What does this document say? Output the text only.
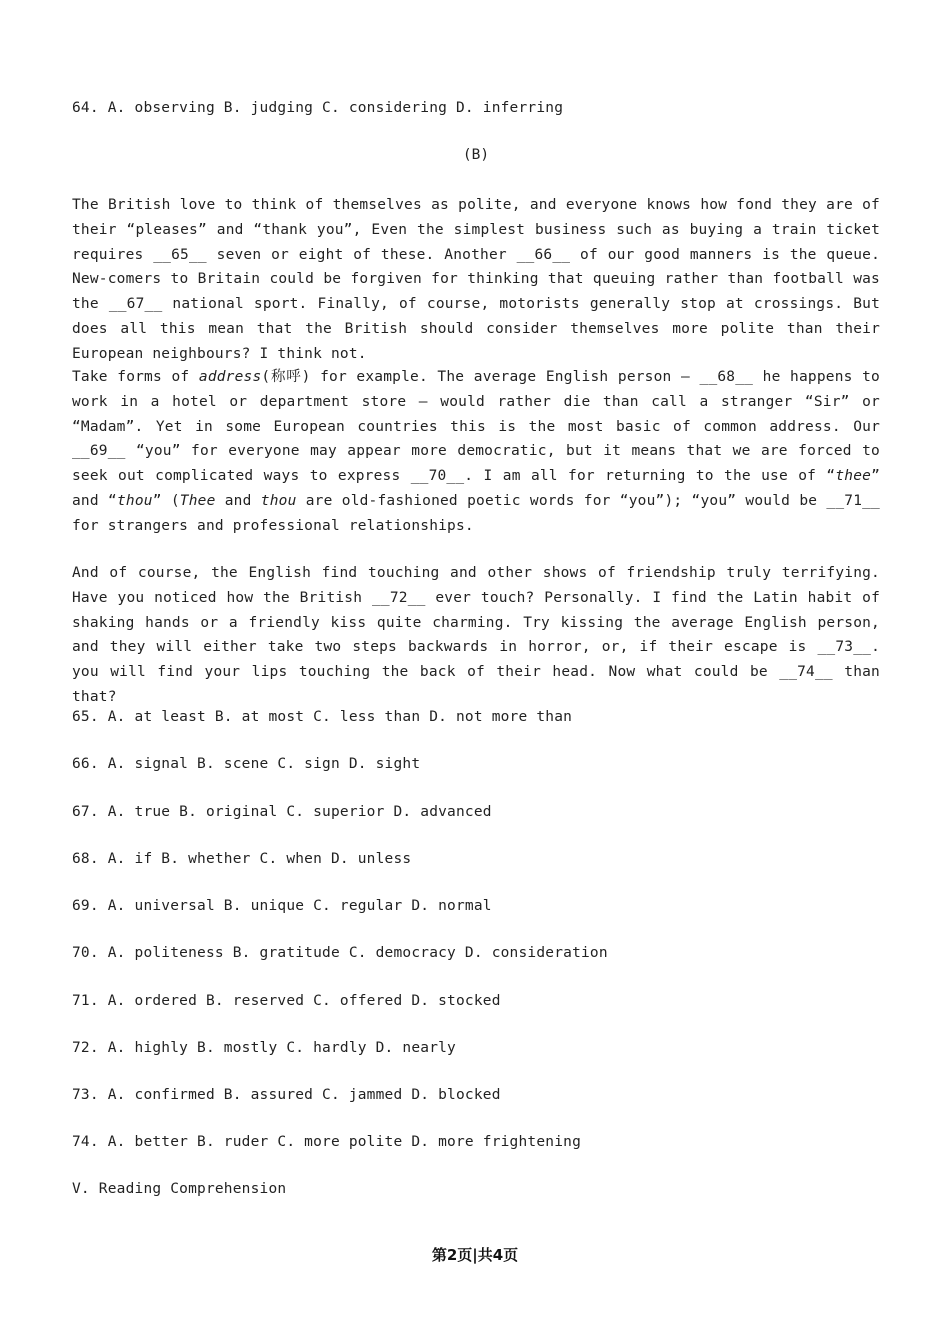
64. A. observing B. judging C. considering D. inferring
(B)
The British love to think of themselves as polite, and everyone knows how fond they are of their “pleases” and “thank you”, Even the simplest business such as buying a train ticket requires __65__ seven or eight of these. Another __66__ of our good manners is the queue. New-comers to Britain could be forgiven for thinking that queuing rather than football was the __67__ national sport. Finally, of course, motorists generally stop at crossings. But does all this mean that the British should consider themselves more polite than their European neighbours? I think not.
Take forms of address(称呼) for example. The average English person — __68__ he happens to work in a hotel or department store — would rather die than call a stranger “Sir” or “Madam”. Yet in some European countries this is the most basic of common address. Our __69__ “you” for everyone may appear more democratic, but it means that we are forced to seek out complicated ways to express __70__. I am all for returning to the use of “thee” and “thou” (Thee and thou are old-fashioned poetic words for “you”); “you” would be __71__ for strangers and professional relationships.
And of course, the English find touching and other shows of friendship truly terrifying. Have you noticed how the British __72__ ever touch? Personally. I find the Latin habit of shaking hands or a friendly kiss quite charming. Try kissing the average English person, and they will either take two steps backwards in horror, or, if their escape is __73__. you will find your lips touching the back of their head. Now what could be __74__ than that?
65. A. at least B. at most C. less than D. not more than
66. A. signal B. scene C. sign D. sight
67. A. true B. original C. superior D. advanced
68. A. if B. whether C. when D. unless
69. A. universal B. unique C. regular D. normal
70. A. politeness B. gratitude C. democracy D. consideration
71. A. ordered B. reserved C. offered D. stocked
72. A. highly B. mostly C. hardly D. nearly
73. A. confirmed B. assured C. jammed D. blocked
74. A. better B. ruder C. more polite D. more frightening
V. Reading Comprehension
第2页|共4页
